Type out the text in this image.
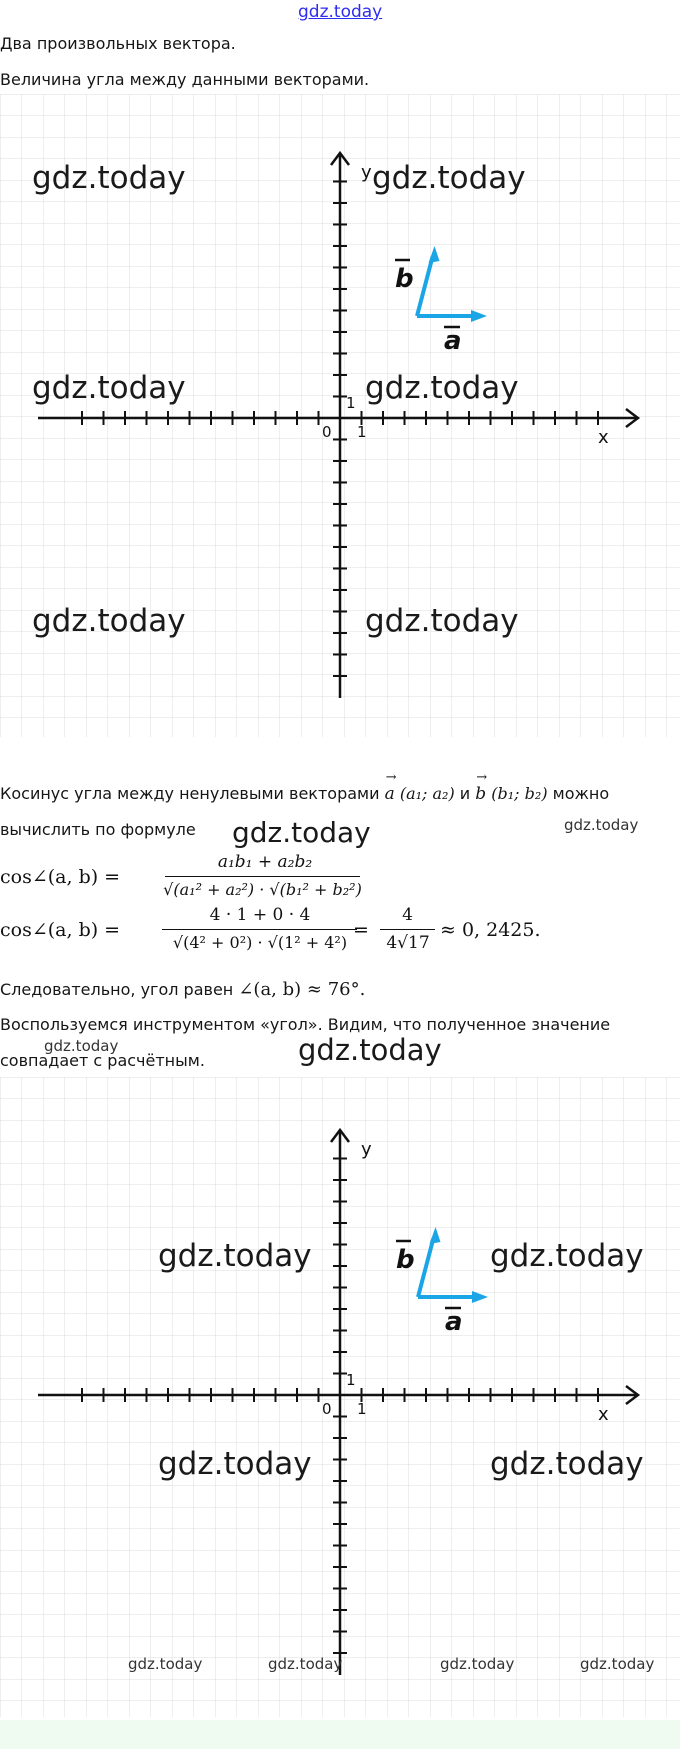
gdz.today
Два произвольных вектора.
Величина угла между данными векторами.
0 1
1
x
y
a
b
gdz.today	gdz.today
gdz.today	gdz.today
gdz.today	gdz.today
Косинус угла между ненулевыми векторами
→
a (a₁; a₂) и
→
b (b₁; b₂) можно
вычислить по формуле gdz.today	gdz.today
cos∠(a, b) =
a₁b₁ + a₂b₂
√(a₁² + a₂²) · √(b₁² + b₂²)
cos∠(a, b) =
4 · 1 + 0 · 4
√(4² + 0²) · √(1² + 4²)
=
4
4√17
≈ 0, 2425.
Следовательно, угол равен ∠(a, b) ≈ 76°.
Воспользуемся инструментом «угол». Видим, что полученное значение
совпадает с расчётным.
gdz.today	gdz.today
0 1
1
x
y
a
b
gdz.today	gdz.today
gdz.today	gdz.today
gdz.today	gdz.today	gdz.today	gdz.today
